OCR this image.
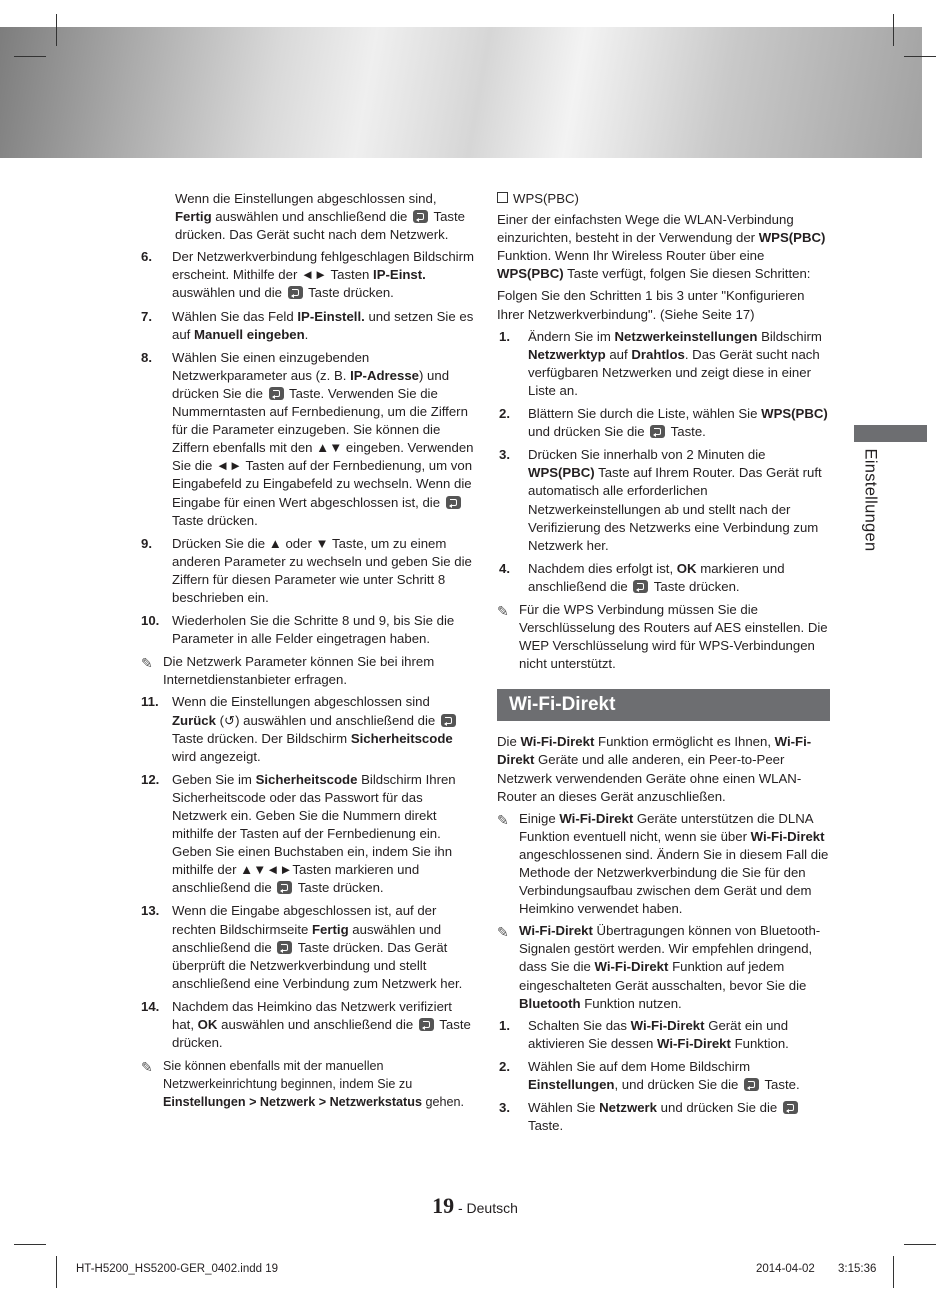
Wenn die Einstellungen abgeschlossen sind, Fertig auswählen und anschließend die  Taste drücken. Das Gerät sucht nach dem Netzwerk.

6. Der Netzwerkverbindung fehlgeschlagen Bildschirm erscheint. Mithilfe der ◄► Tasten IP-Einst. auswählen und die  Taste drücken.
7. Wählen Sie das Feld IP-Einstell. und setzen Sie es auf Manuell eingeben.
8. Wählen Sie einen einzugebenden Netzwerkparameter aus (z. B. IP-Adresse) und drücken Sie die  Taste. Verwenden Sie die Nummerntasten auf Fernbedienung, um die Ziffern für die Parameter einzugeben. Sie können die Ziffern ebenfalls mit den ▲▼ eingeben. Verwenden Sie die ◄► Tasten auf der Fernbedienung, um von Eingabefeld zu Eingabefeld zu wechseln. Wenn die Eingabe für einen Wert abgeschlossen ist, die  Taste drücken.
9. Drücken Sie die ▲ oder ▼ Taste, um zu einem anderen Parameter zu wechseln und geben Sie die Ziffern für diesen Parameter wie unter Schritt 8 beschrieben ein.
10. Wiederholen Sie die Schritte 8 und 9, bis Sie die Parameter in alle Felder eingetragen haben.
✎ Die Netzwerk Parameter können Sie bei ihrem Internetdienstanbieter erfragen.
11. Wenn die Einstellungen abgeschlossen sind Zurück (↺) auswählen und anschließend die  Taste drücken. Der Bildschirm Sicherheitscode wird angezeigt.
12. Geben Sie im Sicherheitscode Bildschirm Ihren Sicherheitscode oder das Passwort für das Netzwerk ein. Geben Sie die Nummern direkt mithilfe der Tasten auf der Fernbedienung ein. Geben Sie einen Buchstaben ein, indem Sie ihn mithilfe der ▲▼◄►Tasten markieren und anschließend die  Taste drücken.
13. Wenn die Eingabe abgeschlossen ist, auf der rechten Bildschirmseite Fertig auswählen und anschließend die  Taste drücken. Das Gerät überprüft die Netzwerkverbindung und stellt anschließend eine Verbindung zum Netzwerk her.
14. Nachdem das Heimkino das Netzwerk verifiziert hat, OK auswählen und anschließend die  Taste drücken.
✎ Sie können ebenfalls mit der manuellen Netzwerkeinrichtung beginnen, indem Sie zu Einstellungen > Netzwerk > Netzwerkstatus gehen.

WPS(PBC)

Einer der einfachsten Wege die WLAN-Verbindung einzurichten, besteht in der Verwendung der WPS(PBC) Funktion. Wenn Ihr Wireless Router über eine WPS(PBC) Taste verfügt, folgen Sie diesen Schritten:

Folgen Sie den Schritten 1 bis 3 unter "Konfigurieren Ihrer Netzwerkverbindung". (Siehe Seite 17)

1. Ändern Sie im Netzwerkeinstellungen Bildschirm Netzwerktyp auf Drahtlos. Das Gerät sucht nach verfügbaren Netzwerken und zeigt diese in einer Liste an.
2. Blättern Sie durch die Liste, wählen Sie WPS(PBC) und drücken Sie die  Taste.
3. Drücken Sie innerhalb von 2 Minuten die WPS(PBC) Taste auf Ihrem Router. Das Gerät ruft automatisch alle erforderlichen Netzwerkeinstellungen ab und stellt nach der Verifizierung des Netzwerks eine Verbindung zum Netzwerk her.
4. Nachdem dies erfolgt ist, OK markieren und anschließend die  Taste drücken.
✎ Für die WPS Verbindung müssen Sie die Verschlüsselung des Routers auf AES einstellen. Die WEP Verschlüsselung wird für WPS-Verbindungen nicht unterstützt.
Wi-Fi-Direkt

Die Wi-Fi-Direkt Funktion ermöglicht es Ihnen, Wi-Fi-Direkt Geräte und alle anderen, ein Peer-to-Peer Netzwerk verwendenden Geräte ohne einen WLAN-Router an dieses Gerät anzuschließen.

✎ Einige Wi-Fi-Direkt Geräte unterstützen die DLNA Funktion eventuell nicht, wenn sie über Wi-Fi-Direkt angeschlossenen sind. Ändern Sie in diesem Fall die Methode der Netzwerkverbindung die Sie für den Verbindungsaufbau zwischen dem Gerät und dem Heimkino verwendet haben.
✎ Wi-Fi-Direkt Übertragungen können von Bluetooth-Signalen gestört werden. Wir empfehlen dringend, dass Sie die Wi-Fi-Direkt Funktion auf jedem eingeschalteten Gerät ausschalten, bevor Sie die Bluetooth Funktion nutzen.
1. Schalten Sie das Wi-Fi-Direkt Gerät ein und aktivieren Sie dessen Wi-Fi-Direkt Funktion.
2. Wählen Sie auf dem Home Bildschirm Einstellungen, und drücken Sie die  Taste.
3. Wählen Sie Netzwerk und drücken Sie die  Taste.
Einstellungen
19 - Deutsch
HT-H5200_HS5200-GER_0402.indd 19	2014-04-02 3:15:36
